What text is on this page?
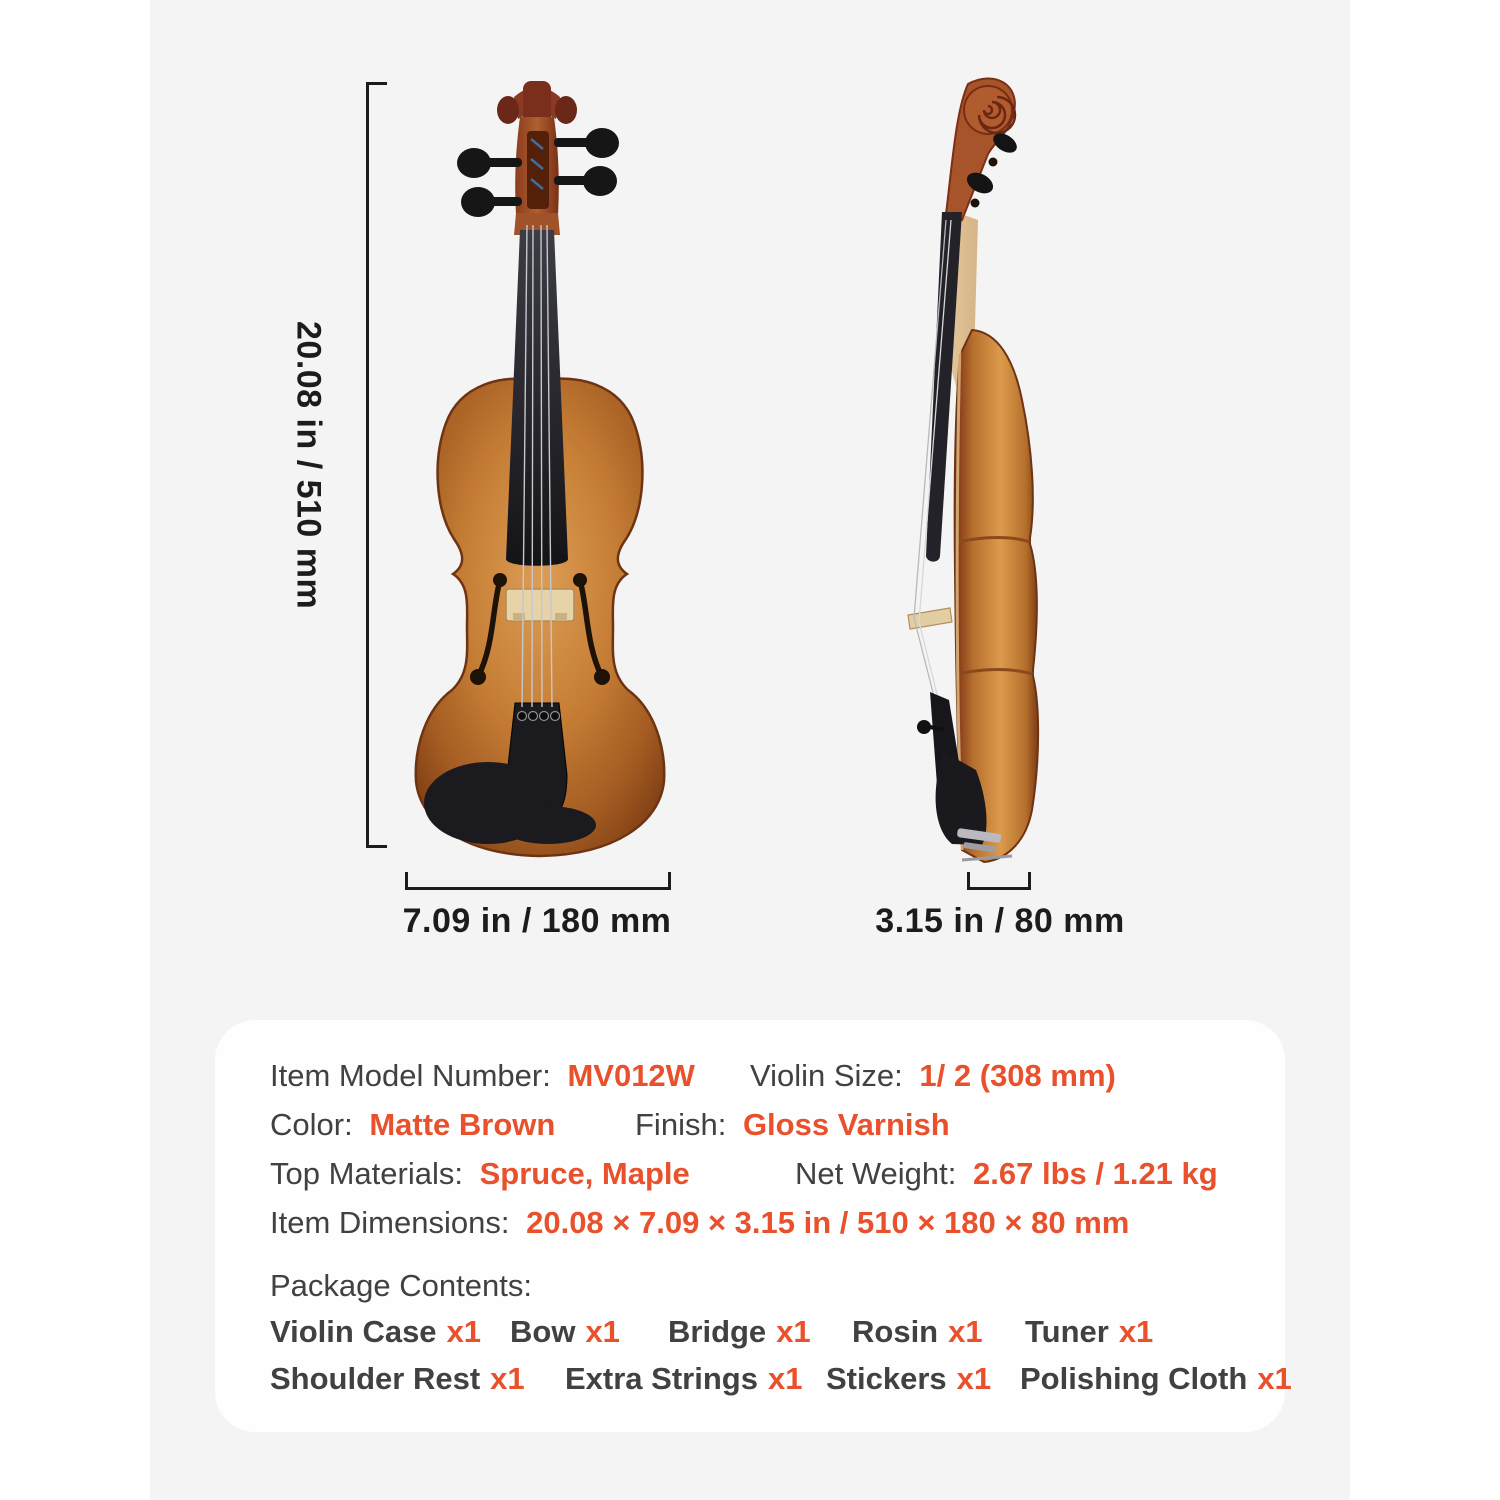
20.08 in / 510 mm
7.09 in / 180 mm	3.15 in / 80 mm
Item Model Number: MV012W Violin Size: 1/ 2 (308 mm)
Color: Matte Brown	Finish: Gloss Varnish
Top Materials: Spruce, Maple	Net Weight: 2.67 lbs / 1.21 kg
Item Dimensions: 20.08 × 7.09 × 3.15 in / 510 × 180 × 80 mm
Package Contents:
Violin Case x1 Bow x1 Bridge x1 Rosin x1 Tuner x1
Shoulder Rest x1 Extra Strings x1 Stickers x1 Polishing Cloth x1
